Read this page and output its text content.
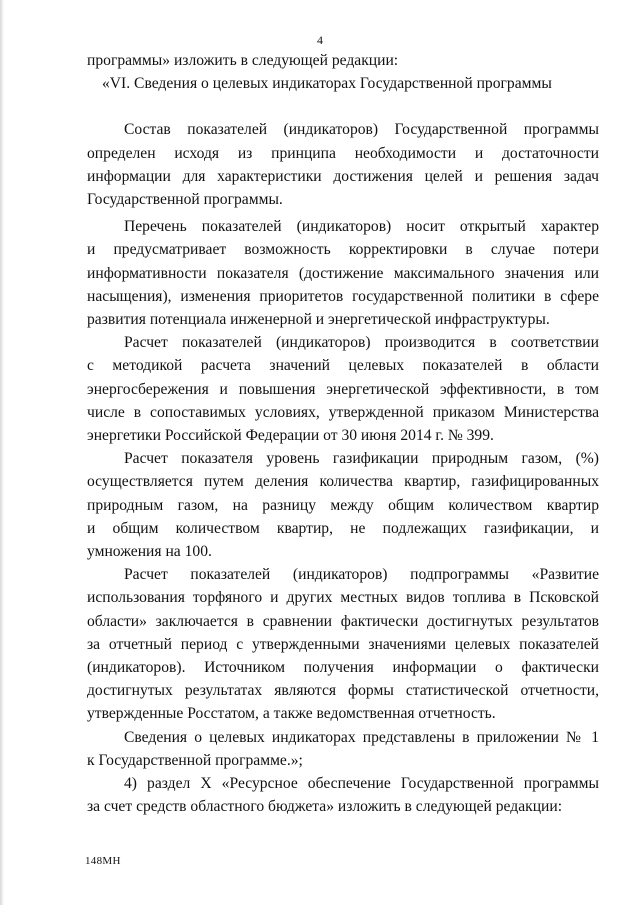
4
программы» изложить в следующей редакции:
«VI. Сведения о целевых индикаторах Государственной программы
Состав показателей (индикаторов) Государственной программы
определен исходя из принципа необходимости и достаточности
информации для характеристики достижения целей и решения задач
Государственной программы.
Перечень показателей (индикаторов) носит открытый характер
и предусматривает возможность корректировки в случае потери
информативности показателя (достижение максимального значения или
насыщения), изменения приоритетов государственной политики в сфере
развития потенциала инженерной и энергетической инфраструктуры.
Расчет показателей (индикаторов) производится в соответствии
с методикой расчета значений целевых показателей в области
энергосбережения и повышения энергетической эффективности, в том
числе в сопоставимых условиях, утвержденной приказом Министерства
энергетики Российской Федерации от 30 июня 2014 г. № 399.
Расчет показателя уровень газификации природным газом, (%)
осуществляется путем деления количества квартир, газифицированных
природным газом, на разницу между общим количеством квартир
и общим количеством квартир, не подлежащих газификации, и
умножения на 100.
Расчет показателей (индикаторов) подпрограммы «Развитие
использования торфяного и других местных видов топлива в Псковской
области» заключается в сравнении фактически достигнутых результатов
за отчетный период с утвержденными значениями целевых показателей
(индикаторов). Источником получения информации о фактически
достигнутых результатах являются формы статистической отчетности,
утвержденные Росстатом, а также ведомственная отчетность.
Сведения о целевых индикаторах представлены в приложении № 1
к Государственной программе.»;
4) раздел X «Ресурсное обеспечение Государственной программы
за счет средств областного бюджета» изложить в следующей редакции:
148МН
